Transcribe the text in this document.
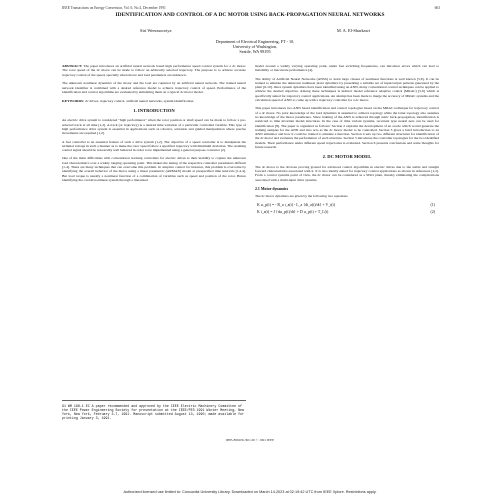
IEEE Transactions on Energy Conversion, Vol. 6, No.4, December 1991	663
IDENTIFICATION AND CONTROL OF A DC MOTOR USING BACK-PROPAGATION NEURAL NETWORKS
Siri Weerasooriya	M. A. El-Sharkawi
Department of Electrical Engineering, FT - 10,
University of Washington,
Seattle, WA 98195

ABSTRACT: The paper introduces an artificial neural network based high performance speed control system for a dc motor. The rotor speed of the dc motor can be made to follow an arbitrarily selected trajectory. The purpose is to achieve accurate trajectory control of the speed, specially when motor and load parameters are unknown.

The unknown nonlinear dynamics of the motor and the load are captured by an artificial neural network. The trained neural network identifier is combined with a desired reference model to achieve trajectory control of speed. Performance of the identification and control algorithms are evaluated by simulating them on a typical dc motor model.

KEYWORDS: dc drives, trajectory control, artificial neural networks, system identification.

1. INTRODUCTION

An electric drive system is considered "high performance" when the rotor position or shaft speed can be made to follow a pre-selected track at all time [1,2]. A track (or trajectory) is a desired time variation of a particular controlled variable. This type of high performance drive system is essential in applications such as robotics, actuation and guided manipulation where precise movements are required [1,2].

A fast controller is an essential feature of such a drive system [1,2]. The objective of a speed controller is to manipulate the terminal voltage in such a manner as to make the rotor speed follow a specified trajectory with minimum deviation. The resulting control signal should be reasonably well behaved in order to be implemented using a general purpose converter [2].

One of the main difficulties with conventional tracking controllers for electric drives is their inability to capture the unknown load characteristics over a widely ranging operating point. This makes the tuning of the respective controller parameters difficult [1-4]. There are many techniques that can overcome this problem. In adaptive control for instance, this problem is overcome by identifying the overall behavior of the motor using a linear parametric (ARMAX) model at prespecified time intervals [1,2,4]. But load torque is usually a nonlinear function of a combination of variables such as speed and position of the rotor. Hence identifying the overall nonlinear system through a linearized

91 WM 198-1 EC A paper recommended and approved by the IEEE Electric Machinery Committee of the IEEE Power Engineering Society for presentation at the IEEE/PES 1991 Winter Meeting, New York, New York, February 3-7, 1991. Manuscript submitted August 13, 1990; made available for printing January 3, 1991.

model around a widely varying operating point, under fast switching frequencies, can introduce errors which can lead to instability or inaccurate performance [4].

The ability of Artificial Neural Networks (ANNs) to learn large classes of nonlinear functions is well known [5,6]. It can be trained to emulate the unknown nonlinear plant dynamics by presenting a suitable set of input/output patterns generated by the plant [6-10]. Once system dynamics have been identified using an ANN, many conventional control techniques can be applied to achieve the desired objective. Among these techniques is indirect model reference adaptive control (MRAC) [5,6] which is specifically suited for trajectory control applications. An attempt has been made to merge the accuracy of MRAC systems and the calculation speed of ANN to come up with a trajectory controller for a dc motor.

This paper introduces two ANN based identification and control topologies based on the MRAC technique for trajectory control of a dc motor. No prior knowledge of the load dynamics is assumed to achieve topology while the latter topology also assumes no knowledge of the motor parameters. Since training of the ANN is achieved through static back-propagation, identification is restricted to time invariant model structures. In the case of time variant systems, recurrent type neural nets can be used for identification [8]. The paper is organized as follows: Section 2 explains the development of an oracle which would generate the training samples for the ANN and also acts as the dc motor model to be controlled. Section 3 gives a brief introduction to an ANN simulator and how it could be trained to emulate a function. Section 4 sets up two different structures for identification of the dc motor and evaluates the performance of each structure. Section 5 introduces the controller topologies for the two identified models. Their performance under different speed trajectories is evaluated. Section 6 presents conclusions and some thoughts for future research.

2. DC MOTOR MODEL

The dc motor is the obvious proving ground for advanced control algorithms in electric drives due to the stable and straight forward characteristics associated with it. It is also ideally suited for trajectory control applications as shown in references [1,2]. From a control systems point of view, the dc motor can be considered as a SISO plant, thereby eliminating the complications associated with a multi-input drive systems.

2.1 Motor dynamics

The dc motor dynamics are given by the following two equations

K ω_p(t) = - R_a i_a(t) - L_a {di_a(t)/dt} + V_t(t)	(1)
K i_a(t) = J {dω_p(t)/dt} + D ω_p(t) + T_L(t)	(2)
0885-8969/91/$01.00 © 1991 IEEE
Authorized licensed use limited to: Concordia University Library. Downloaded on March 14,2023 at 02:19:42 UTC from IEEE Xplore. Restrictions apply.
